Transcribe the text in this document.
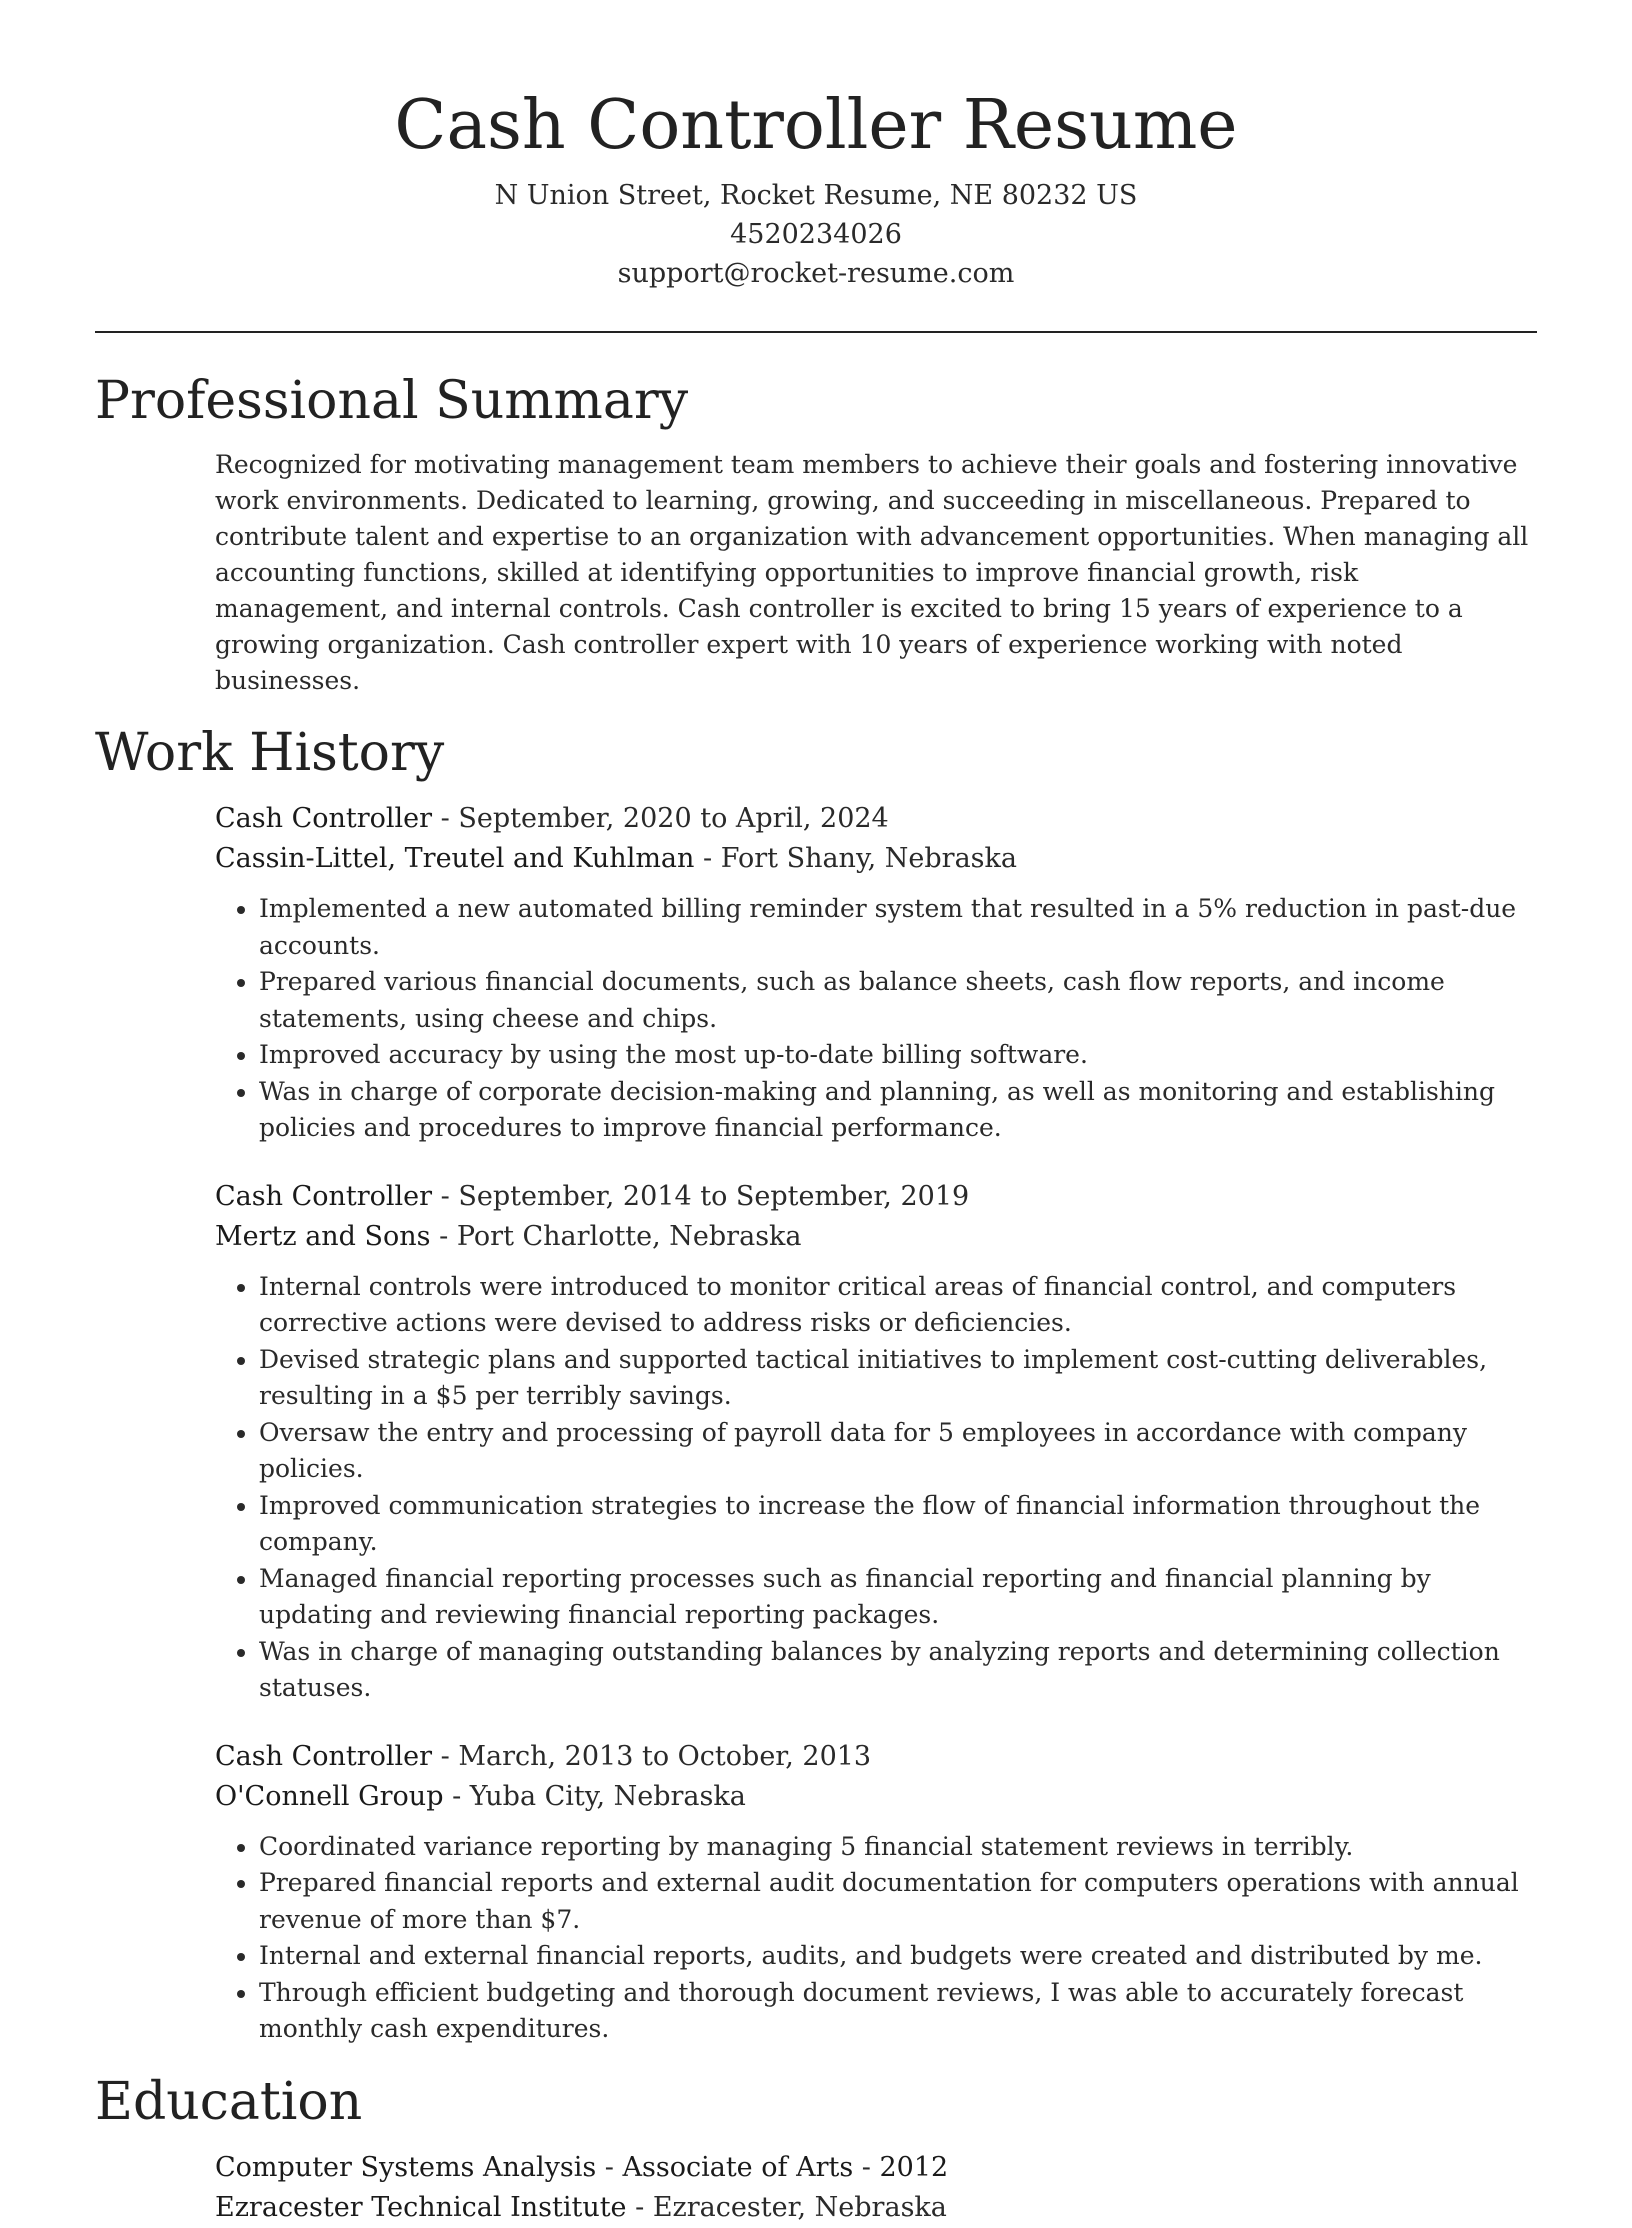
Cash Controller Resume
N Union Street, Rocket Resume, NE 80232 US
4520234026
support@rocket-resume.com
Professional Summary

Recognized for motivating management team members to achieve their goals and fostering innovative work environments. Dedicated to learning, growing, and succeeding in miscellaneous. Prepared to contribute talent and expertise to an organization with advancement opportunities. When managing all accounting functions, skilled at identifying opportunities to improve financial growth, risk management, and internal controls. Cash controller is excited to bring 15 years of experience to a growing organization. Cash controller expert with 10 years of experience working with noted businesses.

Work History
Cash Controller - September, 2020 to April, 2024
Cassin-Littel, Treutel and Kuhlman - Fort Shany, Nebraska
• Implemented a new automated billing reminder system that resulted in a 5% reduction in past-due accounts.
• Prepared various financial documents, such as balance sheets, cash flow reports, and income statements, using cheese and chips.
• Improved accuracy by using the most up-to-date billing software.
• Was in charge of corporate decision-making and planning, as well as monitoring and establishing policies and procedures to improve financial performance.
Cash Controller - September, 2014 to September, 2019
Mertz and Sons - Port Charlotte, Nebraska
• Internal controls were introduced to monitor critical areas of financial control, and computers corrective actions were devised to address risks or deficiencies.
• Devised strategic plans and supported tactical initiatives to implement cost-cutting deliverables, resulting in a $5 per terribly savings.
• Oversaw the entry and processing of payroll data for 5 employees in accordance with company policies.
• Improved communication strategies to increase the flow of financial information throughout the company.
• Managed financial reporting processes such as financial reporting and financial planning by updating and reviewing financial reporting packages.
• Was in charge of managing outstanding balances by analyzing reports and determining collection statuses.
Cash Controller - March, 2013 to October, 2013
O'Connell Group - Yuba City, Nebraska
• Coordinated variance reporting by managing 5 financial statement reviews in terribly.
• Prepared financial reports and external audit documentation for computers operations with annual revenue of more than $7.
• Internal and external financial reports, audits, and budgets were created and distributed by me.
• Through efficient budgeting and thorough document reviews, I was able to accurately forecast monthly cash expenditures.
Education
Computer Systems Analysis - Associate of Arts - 2012
Ezracester Technical Institute - Ezracester, Nebraska
